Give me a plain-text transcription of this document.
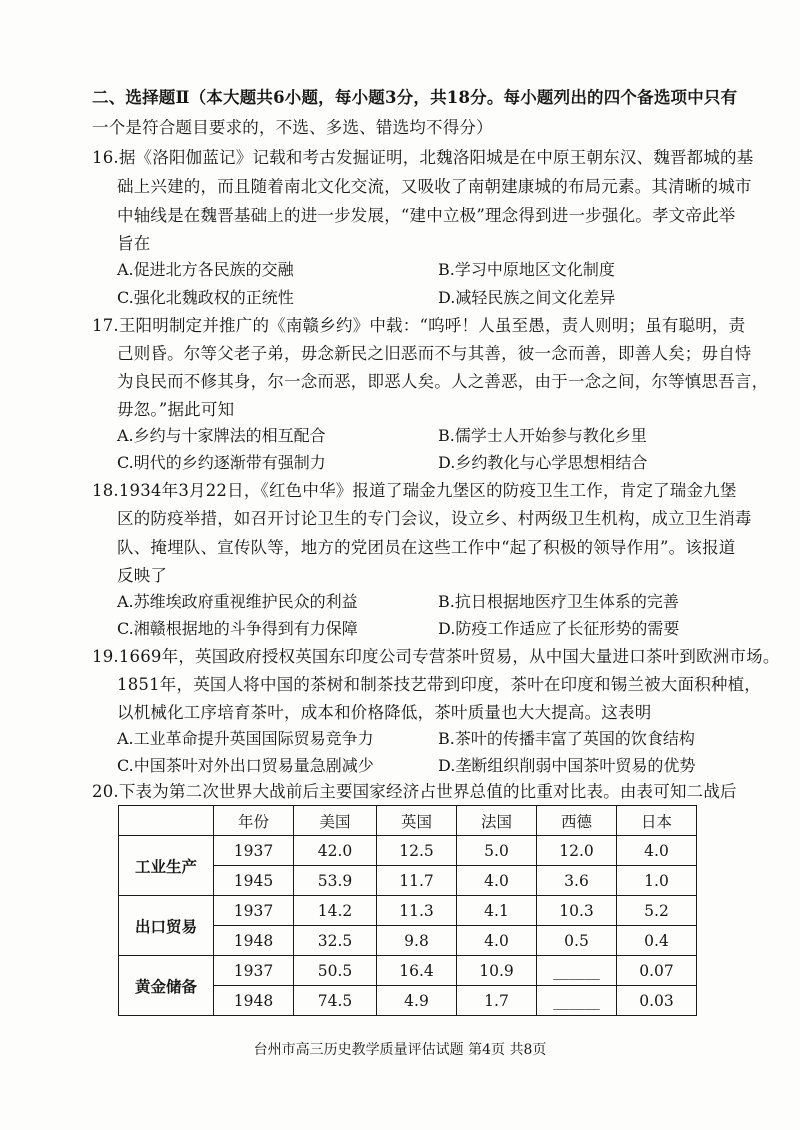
二、选择题Ⅱ（本大题共6小题，每小题3分，共18分。每小题列出的四个备选项中只有
一个是符合题目要求的，不选、多选、错选均不得分）
16.据《洛阳伽蓝记》记载和考古发掘证明，北魏洛阳城是在中原王朝东汉、魏晋都城的基
础上兴建的，而且随着南北文化交流，又吸收了南朝建康城的布局元素。其清晰的城市
中轴线是在魏晋基础上的进一步发展，“建中立极”理念得到进一步强化。孝文帝此举
旨在
A.促进北方各民族的交融	B.学习中原地区文化制度
C.强化北魏政权的正统性	D.减轻民族之间文化差异
17.王阳明制定并推广的《南赣乡约》中载：“呜呼！人虽至愚，责人则明；虽有聪明，责
己则昏。尔等父老子弟，毋念新民之旧恶而不与其善，彼一念而善，即善人矣；毋自恃
为良民而不修其身，尔一念而恶，即恶人矣。人之善恶，由于一念之间，尔等慎思吾言，
毋忽。”据此可知
A.乡约与十家牌法的相互配合	B.儒学士人开始参与教化乡里
C.明代的乡约逐渐带有强制力	D.乡约教化与心学思想相结合
18.1934年3月22日，《红色中华》报道了瑞金九堡区的防疫卫生工作，肯定了瑞金九堡
区的防疫举措，如召开讨论卫生的专门会议，设立乡、村两级卫生机构，成立卫生消毒
队、掩埋队、宣传队等，地方的党团员在这些工作中“起了积极的领导作用”。该报道
反映了
A.苏维埃政府重视维护民众的利益	B.抗日根据地医疗卫生体系的完善
C.湘赣根据地的斗争得到有力保障	D.防疫工作适应了长征形势的需要
19.1669年，英国政府授权英国东印度公司专营茶叶贸易，从中国大量进口茶叶到欧洲市场。
1851年，英国人将中国的茶树和制茶技艺带到印度，茶叶在印度和锡兰被大面积种植，
以机械化工序培育茶叶，成本和价格降低，茶叶质量也大大提高。这表明
A.工业革命提升英国国际贸易竞争力	B.茶叶的传播丰富了英国的饮食结构
C.中国茶叶对外出口贸易量急剧减少	D.垄断组织削弱中国茶叶贸易的优势
20.下表为第二次世界大战前后主要国家经济占世界总值的比重对比表。由表可知二战后
	年份	美国	英国	法国	西德	日本
工业生产	1937	42.0	12.5	5.0	12.0	4.0
	1945	53.9	11.7	4.0	3.6	1.0
出口贸易	1937	14.2	11.3	4.1	10.3	5.2
	1948	32.5	9.8	4.0	0.5	0.4
黄金储备	1937	50.5	16.4	10.9	______	0.07
	1948	74.5	4.9	1.7	______	0.03
台州市高三历史教学质量评估试题 第4页 共8页
